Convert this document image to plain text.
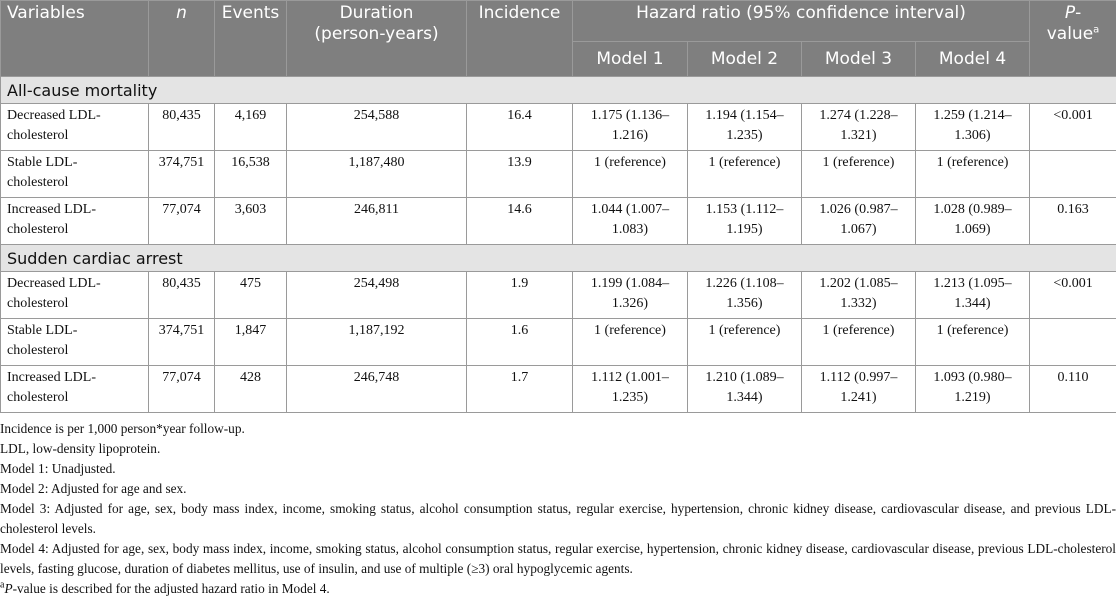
Variables	n	Events	Duration
(person-years)	Incidence	Hazard ratio (95% confidence interval)				P-
value$^a$
					Model 1	Model 2	Model 3	Model 4	
All-cause mortality									
Decreased LDL-
cholesterol	80,435	4,169	254,588	16.4	1.175 (1.136–
1.216)	1.194 (1.154–
1.235)	1.274 (1.228–
1.321)	1.259 (1.214–
1.306)	<0.001
Stable LDL-
cholesterol	374,751	16,538	1,187,480	13.9	1 (reference)	1 (reference)	1 (reference)	1 (reference)

Increased LDL-
cholesterol	77,074	3,603	246,811	14.6	1.044 (1.007–
1.083)	1.153 (1.112–
1.195)	1.026 (0.987–
1.067)	1.028 (0.989–
1.069)	0.163
Sudden cardiac arrest									
Decreased LDL-
cholesterol	80,435	475	254,498	1.9	1.199 (1.084–
1.326)	1.226 (1.108–
1.356)	1.202 (1.085–
1.332)	1.213 (1.095–
1.344)	<0.001
Stable LDL-
cholesterol	374,751	1,847	1,187,192	1.6	1 (reference)	1 (reference)	1 (reference)	1 (reference)

Increased LDL-
cholesterol	77,074	428	246,748	1.7	1.112 (1.001–
1.235)	1.210 (1.089–
1.344)	1.112 (0.997–
1.241)	1.093 (0.980–
1.219)	0.110

Incidence is per 1,000 person*year follow-up.

LDL, low-density lipoprotein.

Model 1: Unadjusted.

Model 2: Adjusted for age and sex.

Model 3: Adjusted for age, sex, body mass index, income, smoking status, alcohol consumption status, regular exercise, hypertension, chronic kidney disease, cardiovascular disease, and previous LDL-cholesterol levels.

Model 4: Adjusted for age, sex, body mass index, income, smoking status, alcohol consumption status, regular exercise, hypertension, chronic kidney disease, cardiovascular disease, previous LDL-cholesterol levels, fasting glucose, duration of diabetes mellitus, use of insulin, and use of multiple (≥3) oral hypoglycemic agents.

$^a$P-value is described for the adjusted hazard ratio in Model 4.
